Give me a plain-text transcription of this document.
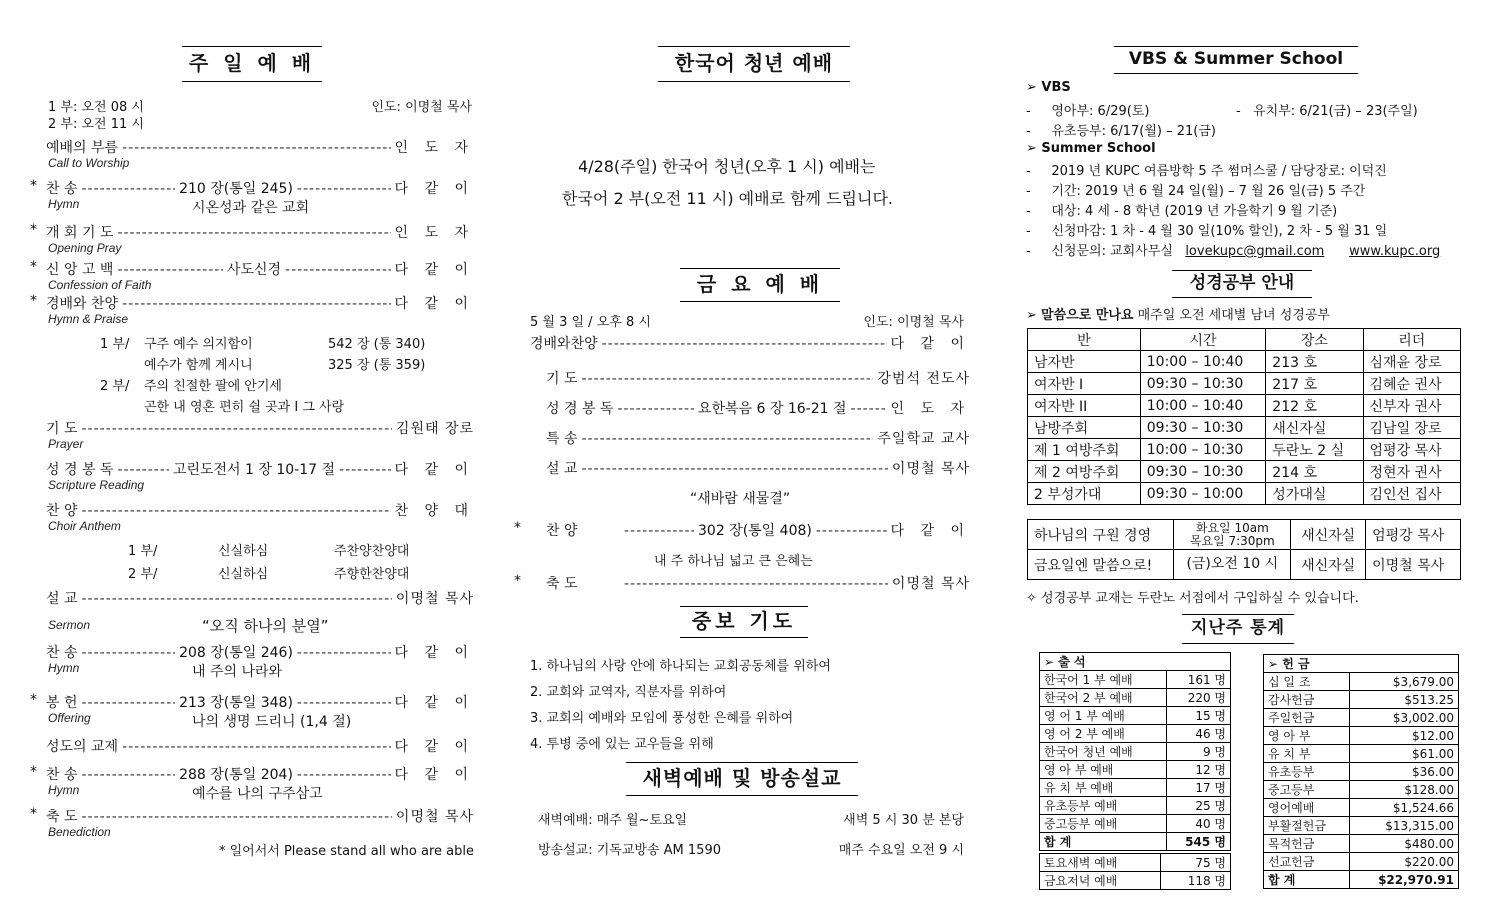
주 일 예 배
1 부: 오전 08 시
2 부: 오전 11 시
인도: 이명철 목사
예배의 부름 -----	인 도 자
Call to Worship
* 찬 송 -----	210 장(통일 245) -----	다 같 이
Hymn	시온성과 같은 교회
* 개 회 기 도 -----	인 도 자
Opening Pray
* 신 앙 고 백 -----	사도신경 -----	다 같 이
Confession of Faith
* 경배와 찬양 -----	다 같 이
Hymn & Praise
1 부/ 구주 예수 의지함이	542 장 (통 340)
예수가 함께 계시니	325 장 (통 359)
2 부/ 주의 친절한 팔에 안기세
곤한 내 영혼 편히 쉴 곳과 I 그 사랑
기 도 -----	김원태 장로
Prayer
성 경 봉 독 -----	고린도전서 1 장 10-17 절 -----	다 같 이
Scripture Reading
찬 양 -----	찬 양 대
Choir Anthem
1 부/	신실하심	주찬양찬양대
2 부/	신실하심	주향한찬양대
설 교 -----	이명철 목사
Sermon	“오직 하나의 분열”
찬 송 -----	208 장(통일 246) -----	다 같 이
Hymn	내 주의 나라와
* 봉 헌 -----	213 장(통일 348) -----	다 같 이
Offering	나의 생명 드리니 (1,4 절)
성도의 교제 -----	다 같 이
* 찬 송 -----	288 장(통일 204) -----	다 같 이
Hymn	예수를 나의 구주삼고
* 축 도 -----	이명철 목사
Benediction
* 일어서서 Please stand all who are able
한국어 청년 예배
4/28(주일) 한국어 청년(오후 1 시) 예배는
한국어 2 부(오전 11 시) 예배로 함께 드립니다.
금 요 예 배
5 월 3 일 / 오후 8 시	인도: 이명철 목사
경배와찬양 -----	다 같 이
기 도 -----	강범석 전도사
성 경 봉 독 -----	요한복음 6 장 16-21 절 -----	인 도 자
특 송 -----	주일학교 교사
설 교 -----	이명철 목사
“새바람 새물결”
*	찬 양 -----	302 장(통일 408) -----	다 같 이
내 주 하나님 넓고 큰 은혜는
*	축 도 -----	이명철 목사
중보 기도
1. 하나님의 사랑 안에 하나되는 교회공동체를 위하여
2. 교회와 교역자, 직분자를 위하여
3. 교회의 예배와 모임에 풍성한 은혜를 위하여
4. 투병 중에 있는 교우들을 위해
새벽예배 및 방송설교
새벽예배: 매주 월~토요일	새벽 5 시 30 분 본당
방송설교: 기독교방송 AM 1590	매주 수요일 오전 9 시
VBS & Summer School
➢ VBS
-     영아부: 6/29(토)	-   유치부: 6/21(금) – 23(주일)
-     유초등부: 6/17(월) – 21(금)
➢ Summer School
-     2019 년 KUPC 여름방학 5 주 썸머스쿨 / 담당장로: 이덕진
-     기간: 2019 년 6 월 24 일(월) – 7 월 26 일(금) 5 주간
-     대상: 4 세 - 8 학년 (2019 년 가을학기 9 월 기준)
-     신청마감: 1 차 - 4 월 30 일(10% 할인), 2 차 - 5 월 31 일
-     신청문의: 교회사무실 lovekupc@gmail.com www.kupc.org
성경공부 안내
➢ 말씀으로 만나요 매주일 오전 세대별 남녀 성경공부
반	시간	장소	리더
남자반	10:00 – 10:40	213 호	심재윤 장로
여자반 I	09:30 – 10:30	217 호	김혜순 권사
여자반 II	10:00 – 10:40	212 호	신부자 권사
남방주회	09:30 – 10:30	새신자실	김남일 장로
제 1 여방주회	10:00 – 10:30	두란노 2 실	엄평강 목사
제 2 여방주회	09:30 – 10:30	214 호	정현자 권사
2 부성가대	09:30 – 10:00	성가대실	김인선 집사
하나님의 구원 경영	화요일 10am
목요일 7:30pm	새신자실	엄평강 목사
금요일엔 말씀으로!	(금)오전 10 시	새신자실	이명철 목사
✧ 성경공부 교재는 두란노 서점에서 구입하실 수 있습니다.
지난주 통계
➢ 출 석	
한국어 1 부 예배	161 명
한국어 2 부 예배	220 명
영 어 1 부 예배	15 명
영 어 2 부 예배	46 명
한국어 청년 예배	9 명
영 아 부 예배	12 명
유 치 부 예배	17 명
유초등부 예배	25 명
중고등부 예배	40 명
합 계	545 명
토요새벽 예배	75 명
금요저녁 예배	118 명
➢ 헌 금	
십 일 조	$3,679.00
감사헌금	$513.25
주일헌금	$3,002.00
영 아 부	$12.00
유 치 부	$61.00
유초등부	$36.00
중고등부	$128.00
영어예배	$1,524.66
부활절헌금	$13,315.00
목적헌금	$480.00
선교헌금	$220.00
합 계	$22,970.91
